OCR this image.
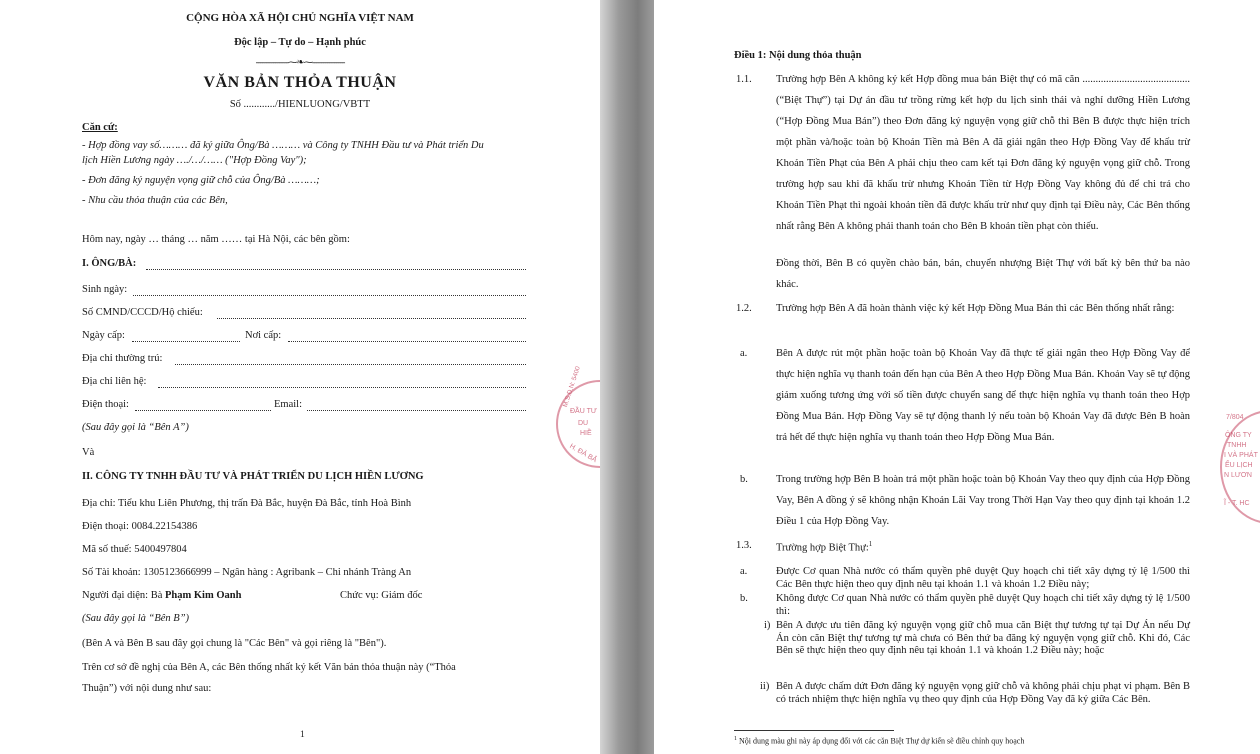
CỘNG HÒA XÃ HỘI CHỦ NGHĨA VIỆT NAM
Độc lập – Tự do – Hạnh phúc
---------------⁓❧⁓---------------
VĂN BẢN THỎA THUẬN
Số ............/HIENLUONG/VBTT
Căn cứ:
- Hợp đồng vay số……… đã ký giữa Ông/Bà ……… và Công ty TNHH Đầu tư và Phát triển Du
lịch Hiền Lương ngày …./…/…… ("Hợp Đồng Vay");
- Đơn đăng ký nguyện vọng giữ chỗ của Ông/Bà ………;
- Nhu cầu thỏa thuận của các Bên,
Hôm nay, ngày … tháng … năm …… tại Hà Nội, các bên gồm:
I. ÔNG/BÀ:
Sinh ngày:
Số CMND/CCCD/Hộ chiếu:
Ngày cấp:	Nơi cấp:
Địa chỉ thường trú:
Địa chỉ liên hệ:
Điện thoại:	Email:
(Sau đây gọi là “Bên A”)
Và
II. CÔNG TY TNHH ĐẦU TƯ VÀ PHÁT TRIỂN DU LỊCH HIỀN LƯƠNG
Địa chỉ: Tiểu khu Liên Phương, thị trấn Đà Bắc, huyện Đà Bắc, tỉnh Hoà Bình
Điện thoại: 0084.22154386
Mã số thuế: 5400497804
Số Tài khoản: 1305123666999 – Ngân hàng : Agribank – Chi nhánh Tràng An
Người đại diện: Bà Phạm Kim Oanh	Chức vụ: Giám đốc
(Sau đây gọi là “Bên B”)
(Bên A và Bên B sau đây gọi chung là "Các Bên" và gọi riêng là "Bên").
Trên cơ sở đề nghị của Bên A, các Bên thống nhất ký kết Văn bản thỏa thuận này (“Thỏa
Thuận”) với nội dung như sau:
1
M.S.D.N: 5400
ĐẦU TƯ
DU
HIỀ
H. ĐÀ BẮ
Điều 1: Nội dung thỏa thuận
1.1. Trường hợp Bên A không ký kết Hợp đồng mua bán Biệt thự có mã căn ......................................... (“Biệt Thự”) tại Dự án đầu tư trồng rừng kết hợp du lịch sinh thái và nghỉ dưỡng Hiền Lương (“Hợp Đồng Mua Bán”) theo Đơn đăng ký nguyện vọng giữ chỗ thì Bên B được thực hiện trích một phần và/hoặc toàn bộ Khoản Tiền mà Bên A đã giải ngân theo Hợp Đồng Vay để khấu trừ Khoản Tiền Phạt của Bên A phải chịu theo cam kết tại Đơn đăng ký nguyện vọng giữ chỗ. Trong trường hợp sau khi đã khấu trừ nhưng Khoản Tiền từ Hợp Đồng Vay không đủ để chi trả cho Khoản Tiền Phạt thì ngoài khoản tiền đã được khấu trừ như quy định tại Điều này, Các Bên thống nhất rằng Bên A không phải thanh toán cho Bên B khoản tiền phạt còn thiếu.
Đồng thời, Bên B có quyền chào bán, bán, chuyển nhượng Biệt Thự với bất kỳ bên thứ ba nào khác.
1.2. Trường hợp Bên A đã hoàn thành việc ký kết Hợp Đồng Mua Bán thì các Bên thống nhất rằng:
a.	Bên A được rút một phần hoặc toàn bộ Khoản Vay đã thực tế giải ngân theo Hợp Đồng Vay để thực hiện nghĩa vụ thanh toán đến hạn của Bên A theo Hợp Đồng Mua Bán. Khoản Vay sẽ tự động giảm xuống tương ứng với số tiền được chuyển sang để thực hiện nghĩa vụ thanh toán theo Hợp Đồng Mua Bán. Hợp Đồng Vay sẽ tự động thanh lý nếu toàn bộ Khoản Vay đã được Bên B hoàn trả hết để thực hiện nghĩa vụ thanh toán theo Hợp Đồng Mua Bán.
b.	Trong trường hợp Bên B hoàn trả một phần hoặc toàn bộ Khoản Vay theo quy định của Hợp Đồng Vay, Bên A đồng ý sẽ không nhận Khoản Lãi Vay trong Thời Hạn Vay theo quy định tại khoản 1.2 Điều 1 của Hợp Đồng Vay.
1.3. Trường hợp Biệt Thự:$^1$
a.	Được Cơ quan Nhà nước có thẩm quyền phê duyệt Quy hoạch chi tiết xây dựng tỷ lệ 1/500 thì Các Bên thực hiện theo quy định nêu tại khoản 1.1 và khoản 1.2 Điều này;
b.	Không được Cơ quan Nhà nước có thẩm quyền phê duyệt Quy hoạch chi tiết xây dựng tỷ lệ 1/500 thì:
i) Bên A được ưu tiên đăng ký nguyện vọng giữ chỗ mua căn Biệt thự tương tự tại Dự Án nếu Dự Án còn căn Biệt thự tương tự mà chưa có Bên thứ ba đăng ký nguyện vọng giữ chỗ. Khi đó, Các Bên sẽ thực hiện theo quy định nêu tại khoản 1.1 và khoản 1.2 Điều này; hoặc
ii) Bên A được chấm dứt Đơn đăng ký nguyện vọng giữ chỗ và không phải chịu phạt vi phạm. Bên B có trách nhiệm thực hiện nghĩa vụ theo quy định của Hợp Đồng Vay đã ký giữa Các Bên.
$^1$ Nội dung màu ghi này áp dụng đối với các căn Biệt Thự dự kiến sẽ điều chỉnh quy hoạch
7/804
ÔNG TY
TNHH
I VÀ PHÁT
ỂU LỊCH
N LƯƠN
Ĩ - T. HC
